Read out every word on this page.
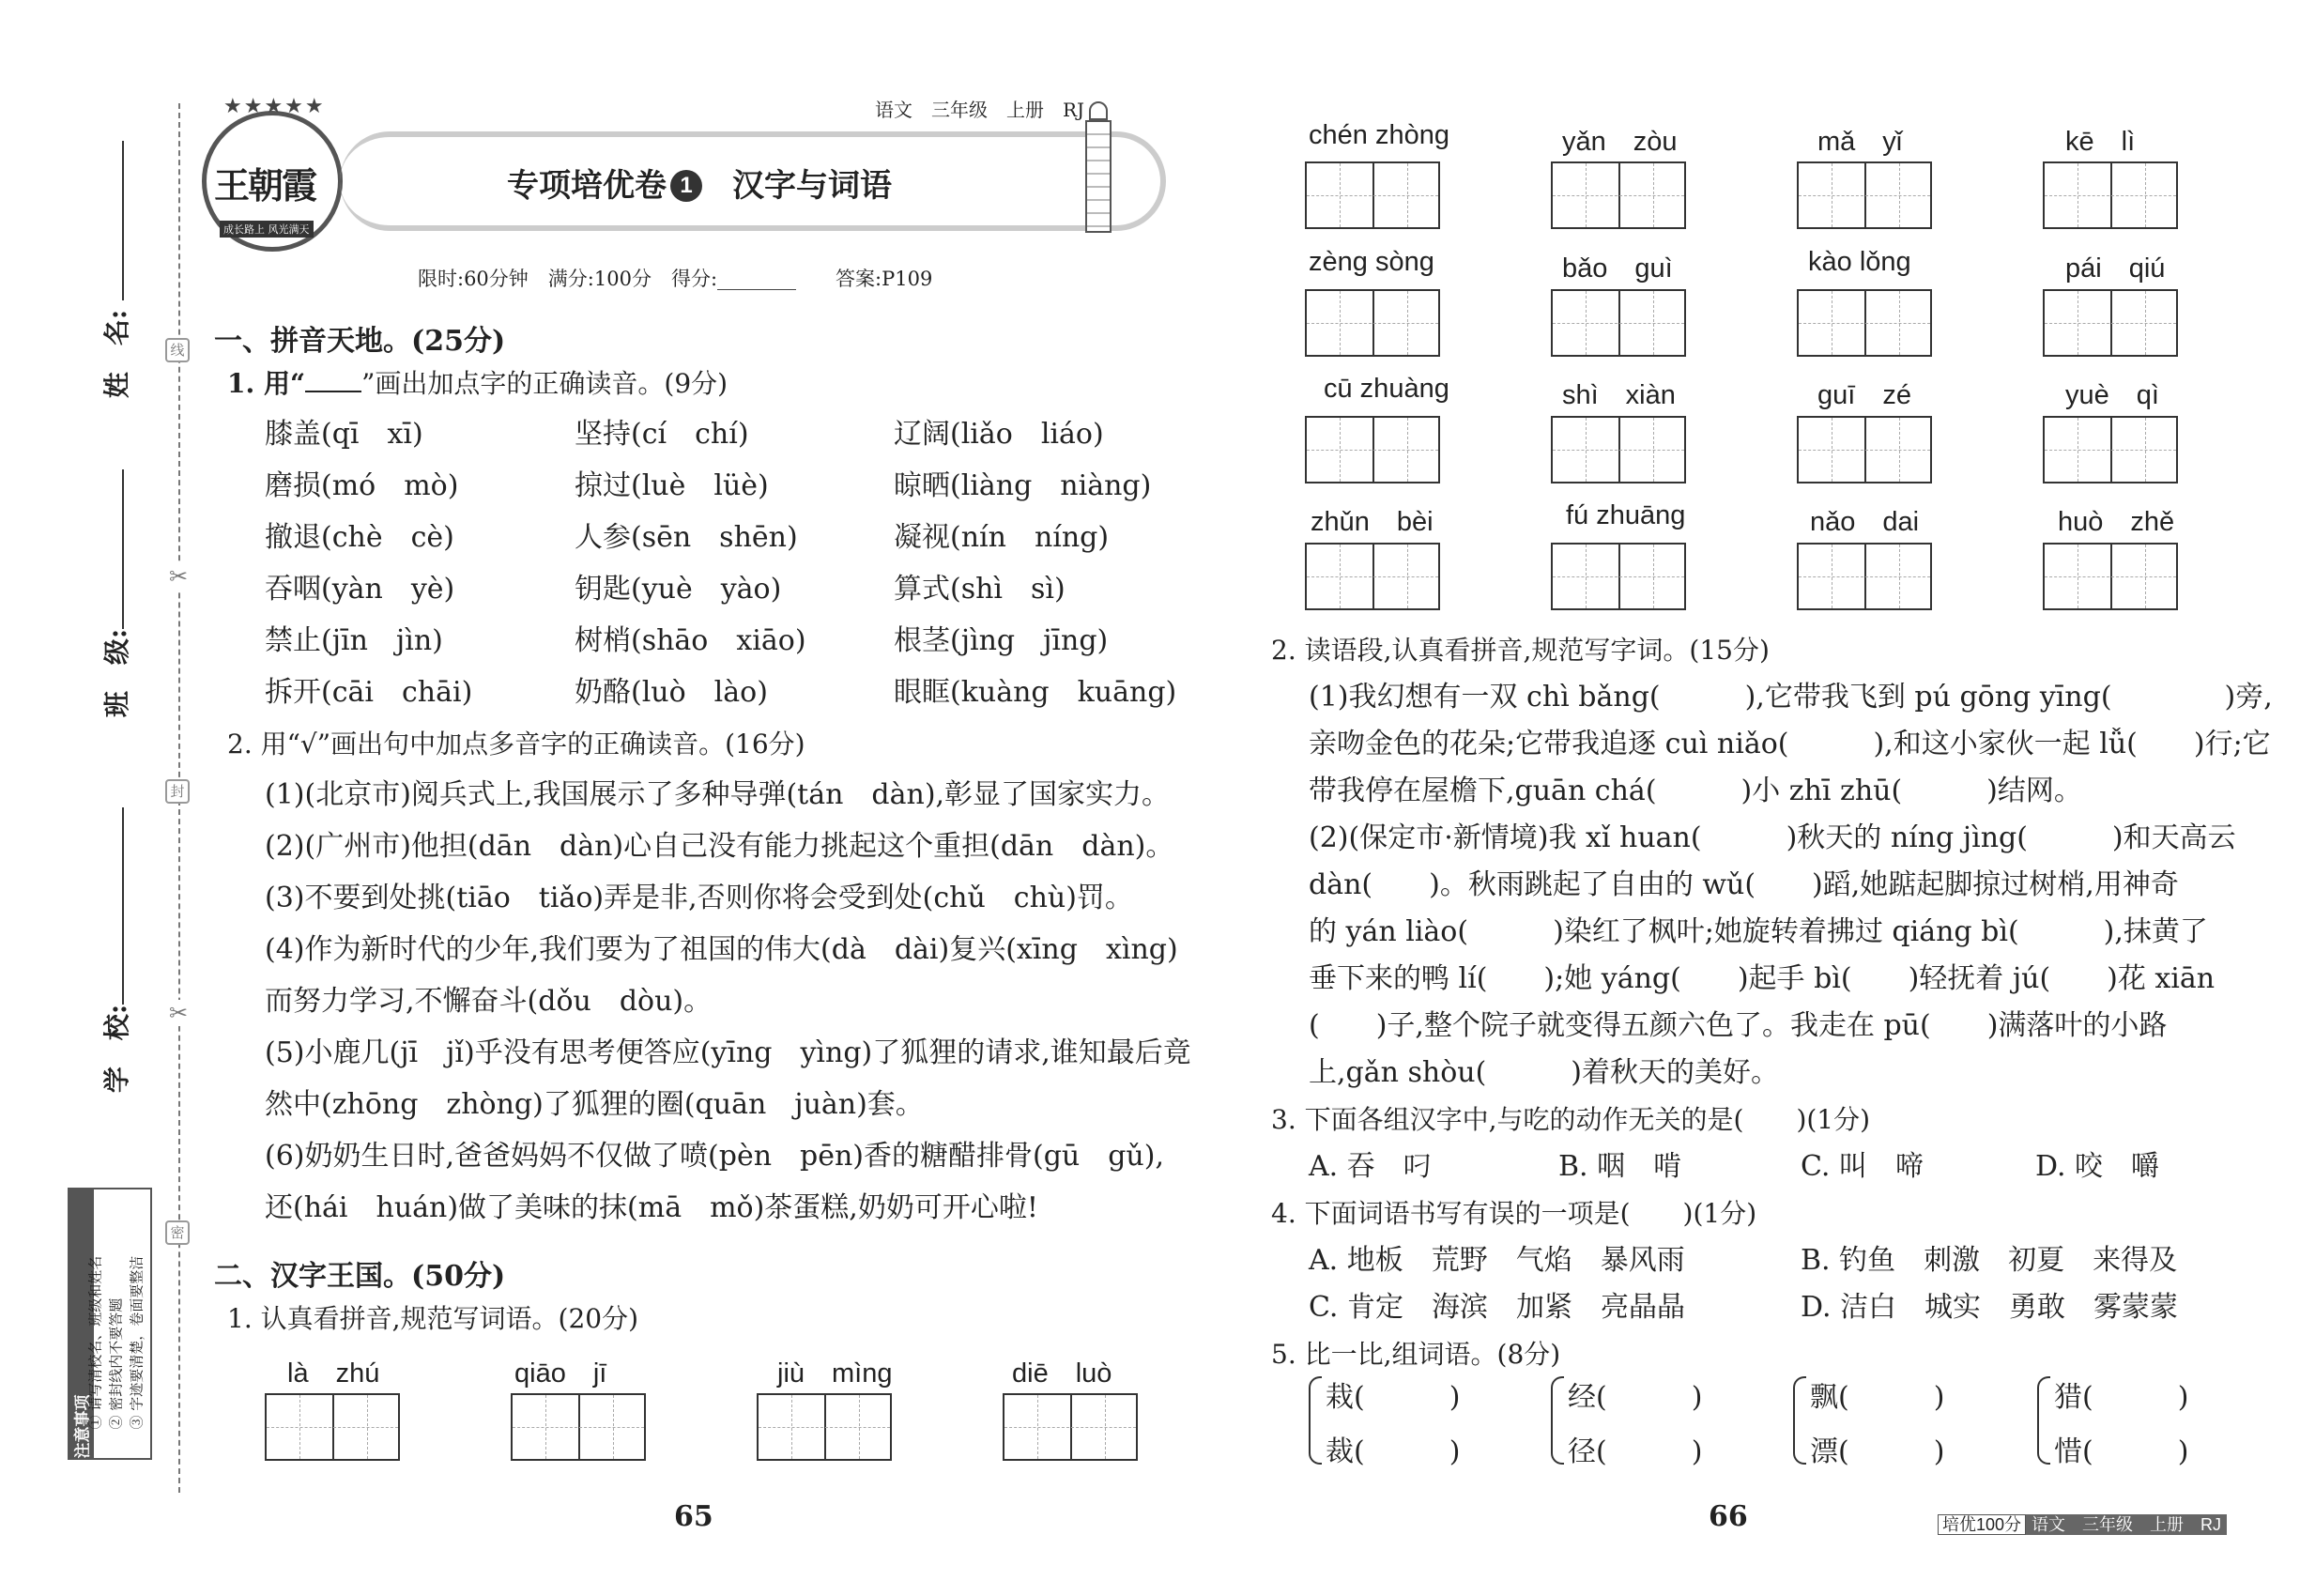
姓　名:
班　级:
学　校:
线
封
密
✂
✂
注意事项
① 请写清校名、班级和姓名 ② 密封线内不要答题 ③ 字迹要清楚，卷面要整洁
★★★★★
王朝霞
成长路上 风光满天
语文　三年级　上册　RJ
专项培优卷 1 汉字与词语
限时:60分钟　满分:100分　得分:________　　答案:P109
一、拼音天地。(25分)
1. 用“ ”画出加点字的正确读音。(9分)
膝盖(qī　xī)	坚持(cí　chí)	辽阔(liǎo　liáo)
磨损(mó　mò)	掠过(luè　lüè)	晾晒(liàng　niàng)
撤退(chè　cè)	人参(sēn　shēn)	凝视(nín　níng)
吞咽(yàn　yè)	钥匙(yuè　yào)	算式(shì　sì)
禁止(jīn　jìn)	树梢(shāo　xiāo)	根茎(jìng　jīng)
拆开(cāi　chāi)	奶酪(luò　lào)	眼眶(kuàng　kuāng)
2. 用“√”画出句中加点多音字的正确读音。(16分)
(1)(北京市)阅兵式上,我国展示了多种导弹(tán　dàn),彰显了国家实力。
(2)(广州市)他担(dān　dàn)心自己没有能力挑起这个重担(dān　dàn)。
(3)不要到处挑(tiāo　tiǎo)弄是非,否则你将会受到处(chǔ　chù)罚。
(4)作为新时代的少年,我们要为了祖国的伟大(dà　dài)复兴(xīng　xìng)
而努力学习,不懈奋斗(dǒu　dòu)。
(5)小鹿几(jī　jǐ)乎没有思考便答应(yīng　yìng)了狐狸的请求,谁知最后竟
然中(zhōng　zhòng)了狐狸的圈(quān　juàn)套。
(6)奶奶生日时,爸爸妈妈不仅做了喷(pèn　pēn)香的糖醋排骨(gū　gǔ),
还(hái　huán)做了美味的抹(mā　mǒ)茶蛋糕,奶奶可开心啦!
二、汉字王国。(50分)
1. 认真看拼音,规范写词语。(20分)
là　zhú	qiāo　jī	jiù　mìng	diē　luò
65
chén zhòng	yǎn　zòu	mǎ　yǐ	kē　lì
zèng sòng	bǎo　guì	kào lǒng	pái　qiú
cū zhuàng	shì　xiàn	guī　zé	yuè　qì
zhǔn　bèi	fú zhuāng	nǎo　dai	huò　zhě
2. 读语段,认真看拼音,规范写字词。(15分)
(1)我幻想有一双 chì bǎng(　　　),它带我飞到 pú gōng yīng(　　　　)旁,
亲吻金色的花朵;它带我追逐 cuì niǎo(　　　),和这小家伙一起 lǚ(　　)行;它
带我停在屋檐下,guān chá(　　　)小 zhī zhū(　　　)结网。
(2)(保定市·新情境)我 xǐ huan(　　　)秋天的 níng jìng(　　　)和天高云
dàn(　　)。秋雨跳起了自由的 wǔ(　　)蹈,她踮起脚掠过树梢,用神奇
的 yán liào(　　　)染红了枫叶;她旋转着拂过 qiáng bì(　　　),抹黄了
垂下来的鸭 lí(　　);她 yáng(　　)起手 bì(　　)轻抚着 jú(　　)花 xiān
(　　)子,整个院子就变得五颜六色了。我走在 pū(　　)满落叶的小路
上,gǎn shòu(　　　)着秋天的美好。
3. 下面各组汉字中,与吃的动作无关的是(　　)(1分)
A. 吞　叼	B. 咽　啃	C. 叫　啼	D. 咬　嚼
4. 下面词语书写有误的一项是(　　)(1分)
A. 地板　荒野　气焰　暴风雨	B. 钓鱼　刺激　初夏　来得及
C. 肯定　海滨　加紧　亮晶晶	D. 洁白　城实　勇敢　雾蒙蒙
5. 比一比,组词语。(8分)
栽(　　　)
裁(　　　)
经(　　　)
径(　　　)
飘(　　　)
漂(　　　)
猎(　　　)
惜(　　　)
66	培优100分 语文　三年级　上册　RJ
